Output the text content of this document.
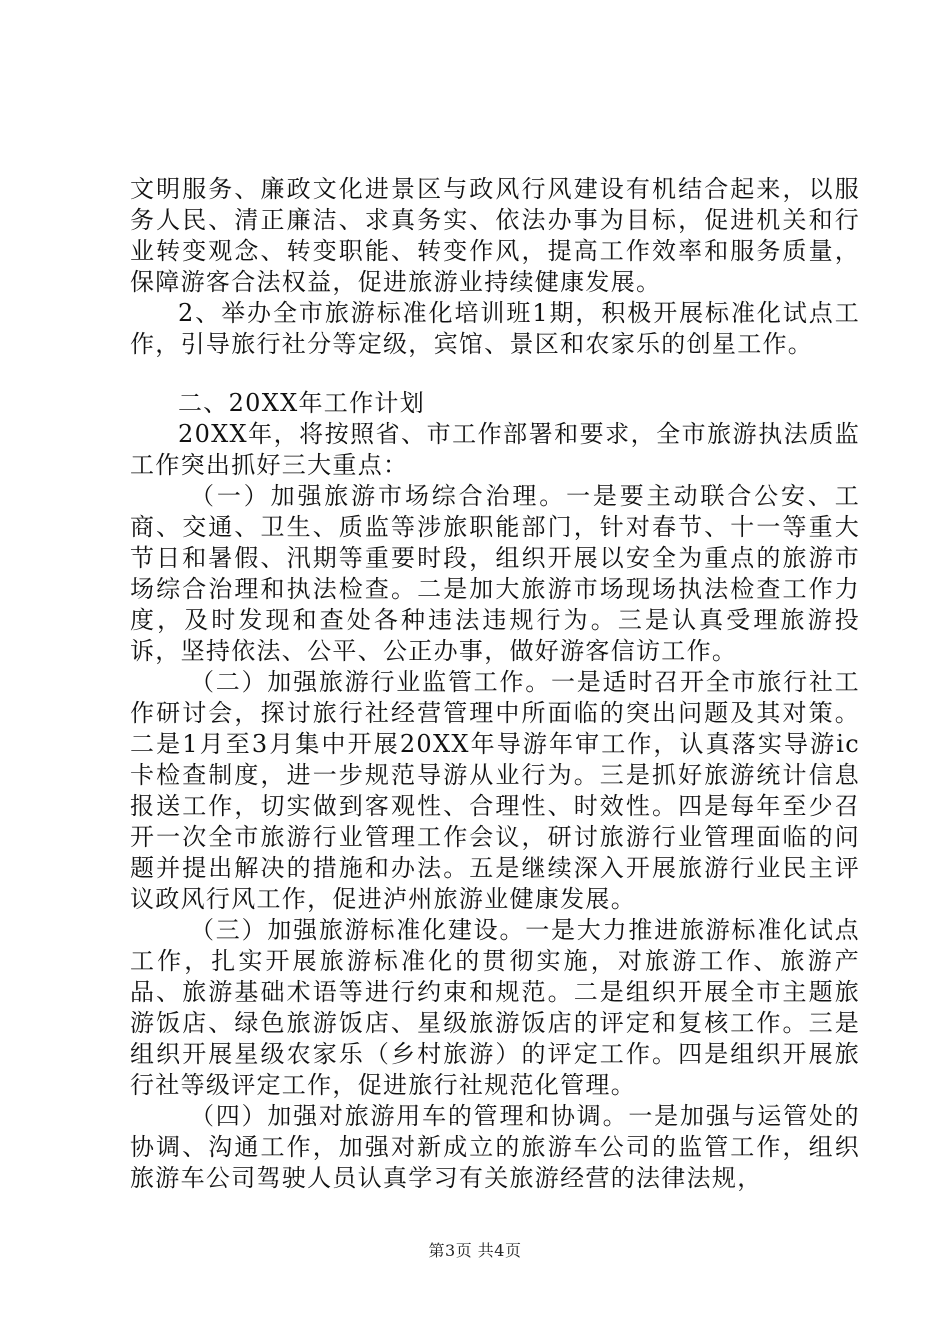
文明服务、廉政文化进景区与政风行风建设有机结合起来，以服务人民、清正廉洁、求真务实、依法办事为目标，促进机关和行业转变观念、转变职能、转变作风，提高工作效率和服务质量，保障游客合法权益，促进旅游业持续健康发展。

2、举办全市旅游标准化培训班1期，积极开展标准化试点工作，引导旅行社分等定级，宾馆、景区和农家乐的创星工作。

二、20XX年工作计划

20XX年，将按照省、市工作部署和要求，全市旅游执法质监工作突出抓好三大重点：

（一）加强旅游市场综合治理。一是要主动联合公安、工商、交通、卫生、质监等涉旅职能部门，针对春节、十一等重大节日和暑假、汛期等重要时段，组织开展以安全为重点的旅游市场综合治理和执法检查。二是加大旅游市场现场执法检查工作力度，及时发现和查处各种违法违规行为。三是认真受理旅游投诉，坚持依法、公平、公正办事，做好游客信访工作。

（二）加强旅游行业监管工作。一是适时召开全市旅行社工作研讨会，探讨旅行社经营管理中所面临的突出问题及其对策。二是1月至3月集中开展20XX年导游年审工作，认真落实导游ic卡检查制度，进一步规范导游从业行为。三是抓好旅游统计信息报送工作，切实做到客观性、合理性、时效性。四是每年至少召开一次全市旅游行业管理工作会议，研讨旅游行业管理面临的问题并提出解决的措施和办法。五是继续深入开展旅游行业民主评议政风行风工作，促进泸州旅游业健康发展。

（三）加强旅游标准化建设。一是大力推进旅游标准化试点工作，扎实开展旅游标准化的贯彻实施，对旅游工作、旅游产品、旅游基础术语等进行约束和规范。二是组织开展全市主题旅游饭店、绿色旅游饭店、星级旅游饭店的评定和复核工作。三是组织开展星级农家乐（乡村旅游）的评定工作。四是组织开展旅行社等级评定工作，促进旅行社规范化管理。

（四）加强对旅游用车的管理和协调。一是加强与运管处的协调、沟通工作，加强对新成立的旅游车公司的监管工作，组织旅游车公司驾驶人员认真学习有关旅游经营的法律法规，

第3页 共4页
